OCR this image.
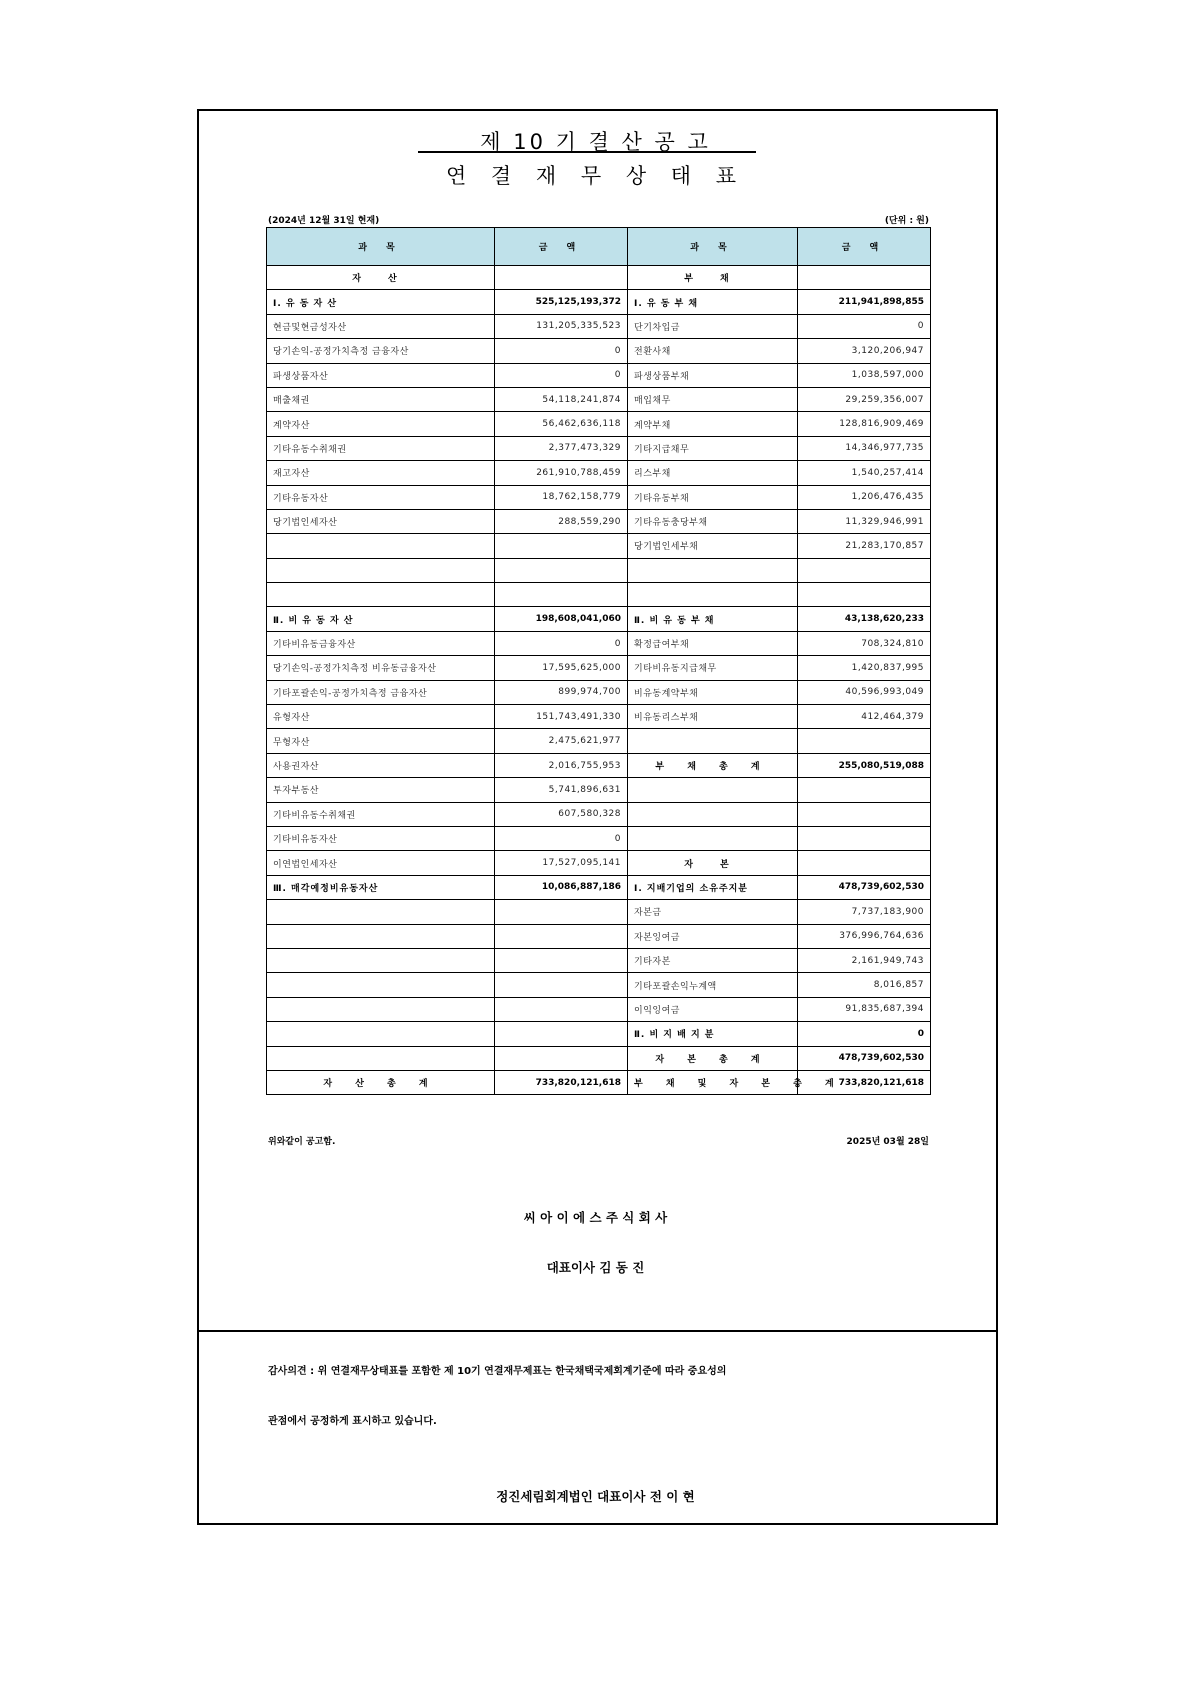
제 10 기 결 산 공 고
연 결 재 무 상 태 표
(2024년 12월 31일 현재)	(단위 : 원)
과 목	금 액	과 목	금 액
자 산		부 채	
Ⅰ. 유 동 자 산	525,125,193,372	Ⅰ. 유 동 부 채	211,941,898,855
현금및현금성자산	131,205,335,523	단기차입금	0
당기손익-공정가치측정 금융자산	0	전환사채	3,120,206,947
파생상품자산	0	파생상품부채	1,038,597,000
매출채권	54,118,241,874	매입채무	29,259,356,007
계약자산	56,462,636,118	계약부채	128,816,909,469
기타유동수취채권	2,377,473,329	기타지급채무	14,346,977,735
재고자산	261,910,788,459	리스부채	1,540,257,414
기타유동자산	18,762,158,779	기타유동부채	1,206,476,435
당기법인세자산	288,559,290	기타유동충당부채	11,329,946,991
		당기법인세부채	21,283,170,857

Ⅱ. 비 유 동 자 산	198,608,041,060	Ⅱ. 비 유 동 부 채	43,138,620,233
기타비유동금융자산	0	확정급여부채	708,324,810
당기손익-공정가치측정 비유동금융자산	17,595,625,000	기타비유동지급채무	1,420,837,995
기타포괄손익-공정가치측정 금융자산	899,974,700	비유동계약부채	40,596,993,049
유형자산	151,743,491,330	비유동리스부채	412,464,379
무형자산	2,475,621,977		
사용권자산	2,016,755,953	부 채 총 계	255,080,519,088
투자부동산	5,741,896,631		
기타비유동수취채권	607,580,328		
기타비유동자산	0		
이연법인세자산	17,527,095,141	자 본	
Ⅲ. 매각예정비유동자산	10,086,887,186	Ⅰ. 지배기업의 소유주지분	478,739,602,530
		자본금	7,737,183,900
		자본잉여금	376,996,764,636
		기타자본	2,161,949,743
		기타포괄손익누계액	8,016,857
		이익잉여금	91,835,687,394
		Ⅱ. 비 지 배 지 분	0
		자 본 총 계	478,739,602,530
자 산 총 계	733,820,121,618	부 채 및 자 본 총 계	733,820,121,618
위와같이 공고함.	2025년 03월 28일
씨 아 이 에 스 주 식 회 사
대표이사 김 동 진
감사의견 : 위 연결재무상태표를 포함한 제 10기 연결재무제표는 한국채택국제회계기준에 따라 중요성의
관점에서 공정하게 표시하고 있습니다.
정진세림회계법인 대표이사 전 이 현
